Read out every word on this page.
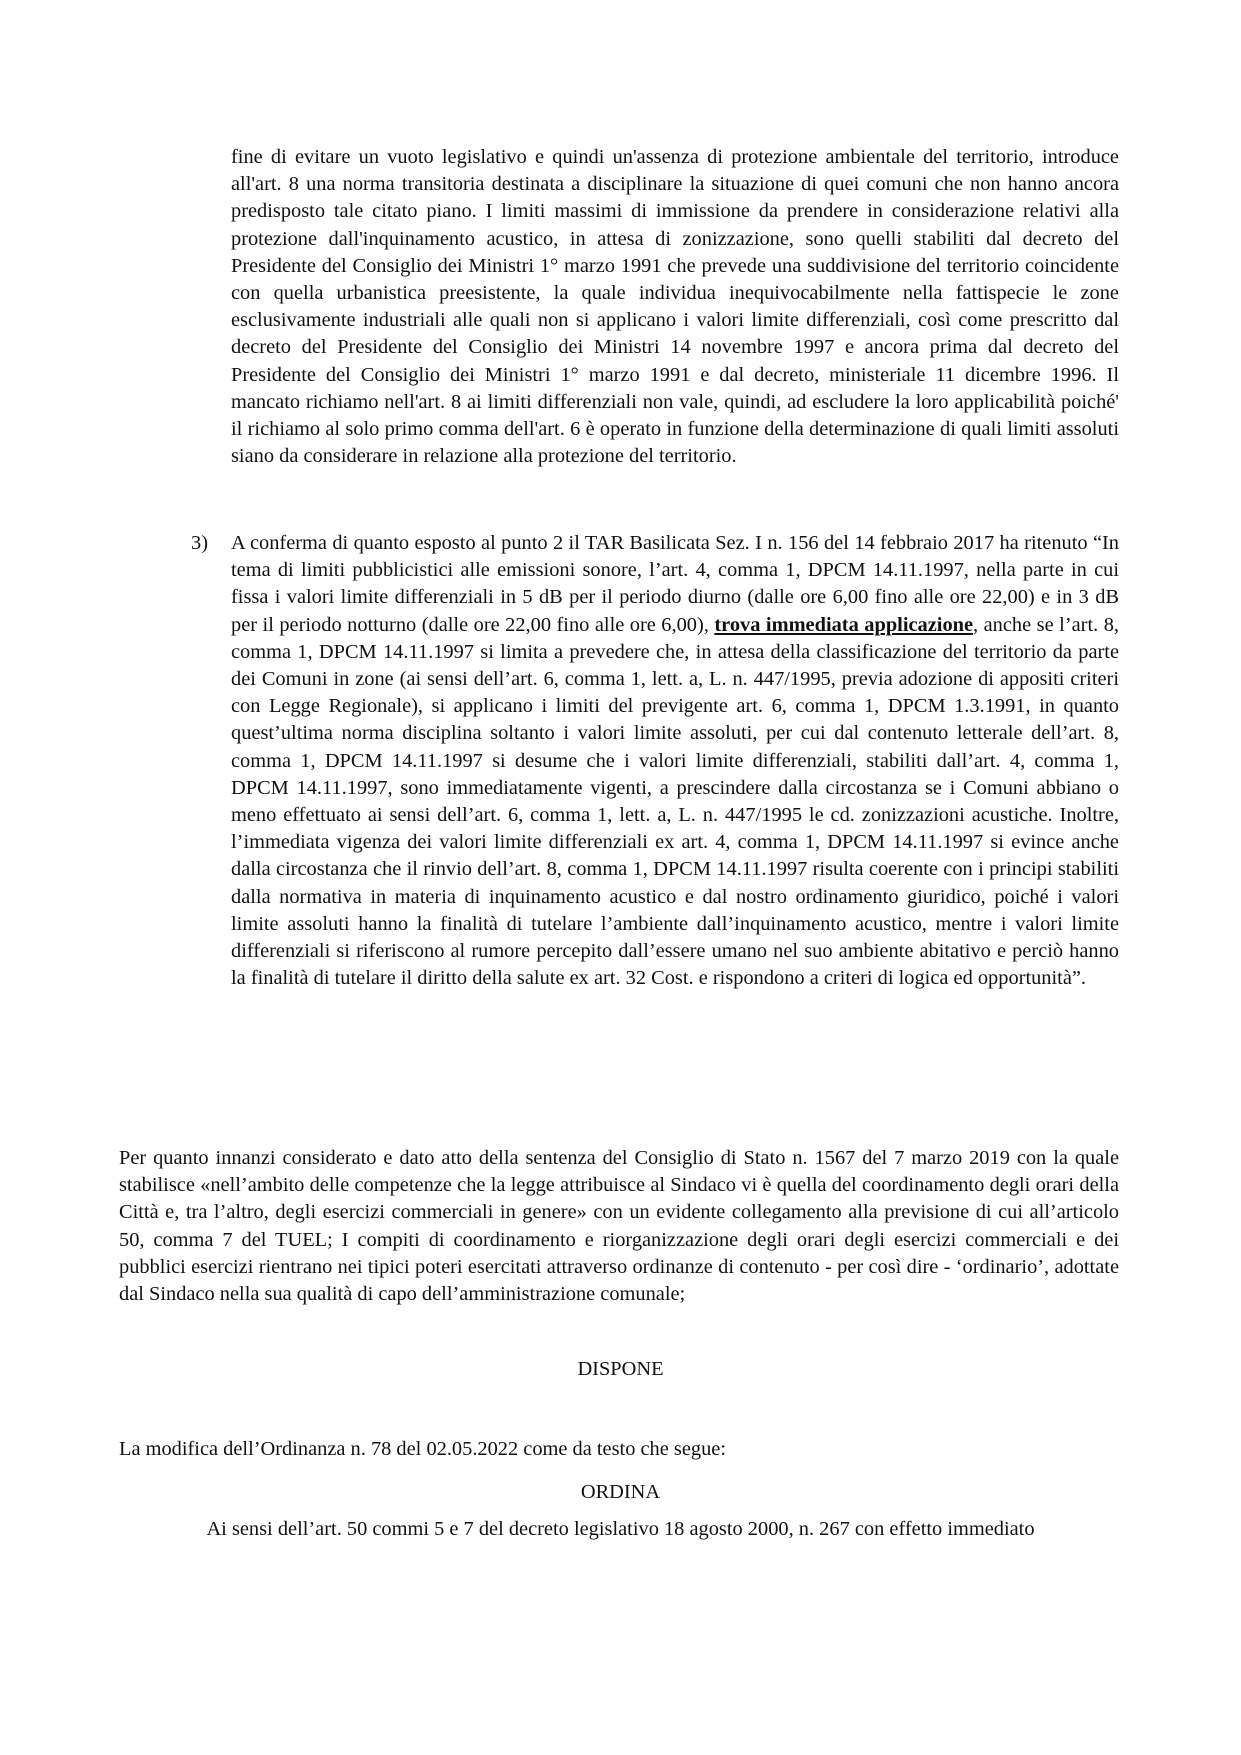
fine di evitare un vuoto legislativo e quindi un'assenza di protezione ambientale del territorio, introduce all'art. 8 una norma transitoria destinata a disciplinare la situazione di quei comuni che non hanno ancora predisposto tale citato piano. I limiti massimi di immissione da prendere in considerazione relativi alla protezione dall'inquinamento acustico, in attesa di zonizzazione, sono quelli stabiliti dal decreto del Presidente del Consiglio dei Ministri 1° marzo 1991 che prevede una suddivisione del territorio coincidente con quella urbanistica preesistente, la quale individua inequivocabilmente nella fattispecie le zone esclusivamente industriali alle quali non si applicano i valori limite differenziali, così come prescritto dal decreto del Presidente del Consiglio dei Ministri 14 novembre 1997 e ancora prima dal decreto del Presidente del Consiglio dei Ministri 1° marzo 1991 e dal decreto, ministeriale 11 dicembre 1996. Il mancato richiamo nell'art. 8 ai limiti differenziali non vale, quindi, ad escludere la loro applicabilità poiché' il richiamo al solo primo comma dell'art. 6 è operato in funzione della determinazione di quali limiti assoluti siano da considerare in relazione alla protezione del territorio.
3) A conferma di quanto esposto al punto 2 il TAR Basilicata Sez. I n. 156 del 14 febbraio 2017 ha ritenuto “In tema di limiti pubblicistici alle emissioni sonore, l’art. 4, comma 1, DPCM 14.11.1997, nella parte in cui fissa i valori limite differenziali in 5 dB per il periodo diurno (dalle ore 6,00 fino alle ore 22,00) e in 3 dB per il periodo notturno (dalle ore 22,00 fino alle ore 6,00), trova immediata applicazione, anche se l’art. 8, comma 1, DPCM 14.11.1997 si limita a prevedere che, in attesa della classificazione del territorio da parte dei Comuni in zone (ai sensi dell’art. 6, comma 1, lett. a, L. n. 447/1995, previa adozione di appositi criteri con Legge Regionale), si applicano i limiti del previgente art. 6, comma 1, DPCM 1.3.1991, in quanto quest’ultima norma disciplina soltanto i valori limite assoluti, per cui dal contenuto letterale dell’art. 8, comma 1, DPCM 14.11.1997 si desume che i valori limite differenziali, stabiliti dall’art. 4, comma 1, DPCM 14.11.1997, sono immediatamente vigenti, a prescindere dalla circostanza se i Comuni abbiano o meno effettuato ai sensi dell’art. 6, comma 1, lett. a, L. n. 447/1995 le cd. zonizzazioni acustiche. Inoltre, l’immediata vigenza dei valori limite differenziali ex art. 4, comma 1, DPCM 14.11.1997 si evince anche dalla circostanza che il rinvio dell’art. 8, comma 1, DPCM 14.11.1997 risulta coerente con i principi stabiliti dalla normativa in materia di inquinamento acustico e dal nostro ordinamento giuridico, poiché i valori limite assoluti hanno la finalità di tutelare l’ambiente dall’inquinamento acustico, mentre i valori limite differenziali si riferiscono al rumore percepito dall’essere umano nel suo ambiente abitativo e perciò hanno la finalità di tutelare il diritto della salute ex art. 32 Cost. e rispondono a criteri di logica ed opportunità”.
Per quanto innanzi considerato e dato atto della sentenza del Consiglio di Stato n. 1567 del 7 marzo 2019 con la quale stabilisce «nell’ambito delle competenze che la legge attribuisce al Sindaco vi è quella del coordinamento degli orari della Città e, tra l’altro, degli esercizi commerciali in genere» con un evidente collegamento alla previsione di cui all’articolo 50, comma 7 del TUEL; I compiti di coordinamento e riorganizzazione degli orari degli esercizi commerciali e dei pubblici esercizi rientrano nei tipici poteri esercitati attraverso ordinanze di contenuto - per così dire - ‘ordinario’, adottate dal Sindaco nella sua qualità di capo dell’amministrazione comunale;
DISPONE
La modifica dell’Ordinanza n. 78 del 02.05.2022 come da testo che segue:
ORDINA
Ai sensi dell’art. 50 commi 5 e 7 del decreto legislativo 18 agosto 2000, n. 267 con effetto immediato
